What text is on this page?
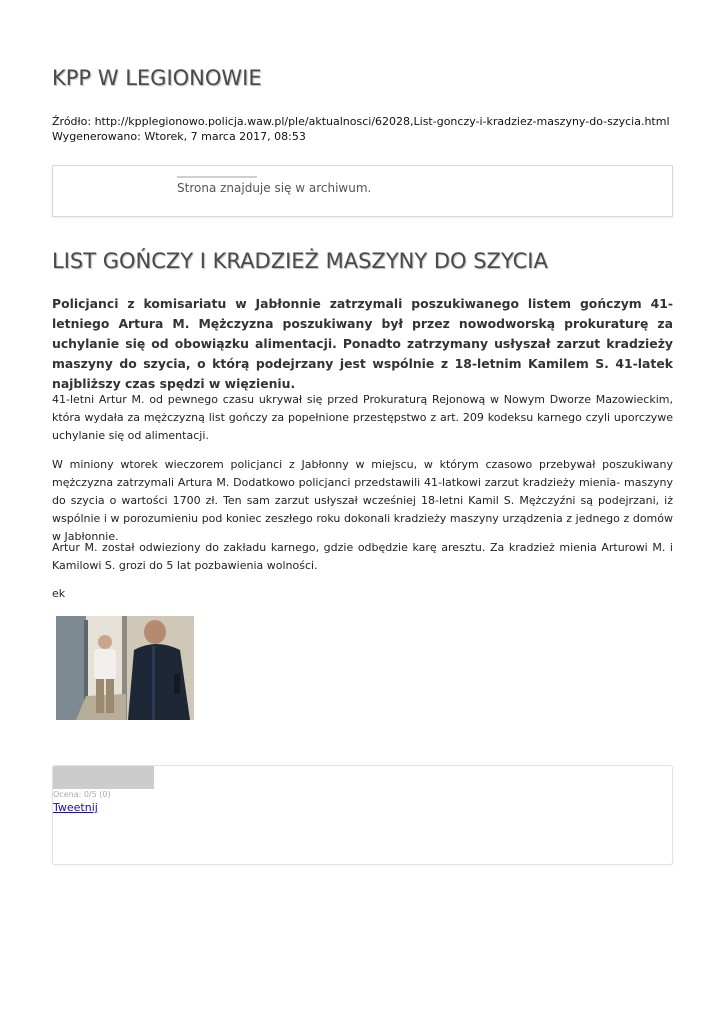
KPP W LEGIONOWIE
Źródło: http://kpplegionowo.policja.waw.pl/ple/aktualnosci/62028,List-gonczy-i-kradziez-maszyny-do-szycia.html
Wygenerowano: Wtorek, 7 marca 2017, 08:53
Strona znajduje się w archiwum.
LIST GOŃCZY I KRADZIEŻ MASZYNY DO SZYCIA

Policjanci z komisariatu w Jabłonnie zatrzymali poszukiwanego listem gończym 41-letniego Artura M. Mężczyzna poszukiwany był przez nowodworską prokuraturę za uchylanie się od obowiązku alimentacji. Ponadto zatrzymany usłyszał zarzut kradzieży maszyny do szycia, o którą podejrzany jest wspólnie z 18-letnim Kamilem S. 41-latek najbliższy czas spędzi w więzieniu.

41-letni Artur M. od pewnego czasu ukrywał się przed Prokuraturą Rejonową w Nowym Dworze Mazowieckim, która wydała za mężczyzną list gończy za popełnione przestępstwo z art. 209 kodeksu karnego czyli uporczywe uchylanie się od alimentacji.

W miniony wtorek wieczorem policjanci z Jabłonny w miejscu, w którym czasowo przebywał poszukiwany mężczyzna zatrzymali Artura M. Dodatkowo policjanci przedstawili 41-latkowi zarzut kradzieży mienia- maszyny do szycia o wartości 1700 zł. Ten sam zarzut usłyszał wcześniej 18-letni Kamil S. Mężczyźni są podejrzani, iż wspólnie i w porozumieniu pod koniec zeszłego roku dokonali kradzieży maszyny urządzenia z jednego z domów w Jabłonnie.

Artur M. został odwieziony do zakładu karnego, gdzie odbędzie karę aresztu. Za kradzież mienia Arturowi M. i Kamilowi S. grozi do 5 lat pozbawienia wolności.

ek
Ocena: 0/5 (0)
Tweetnij
